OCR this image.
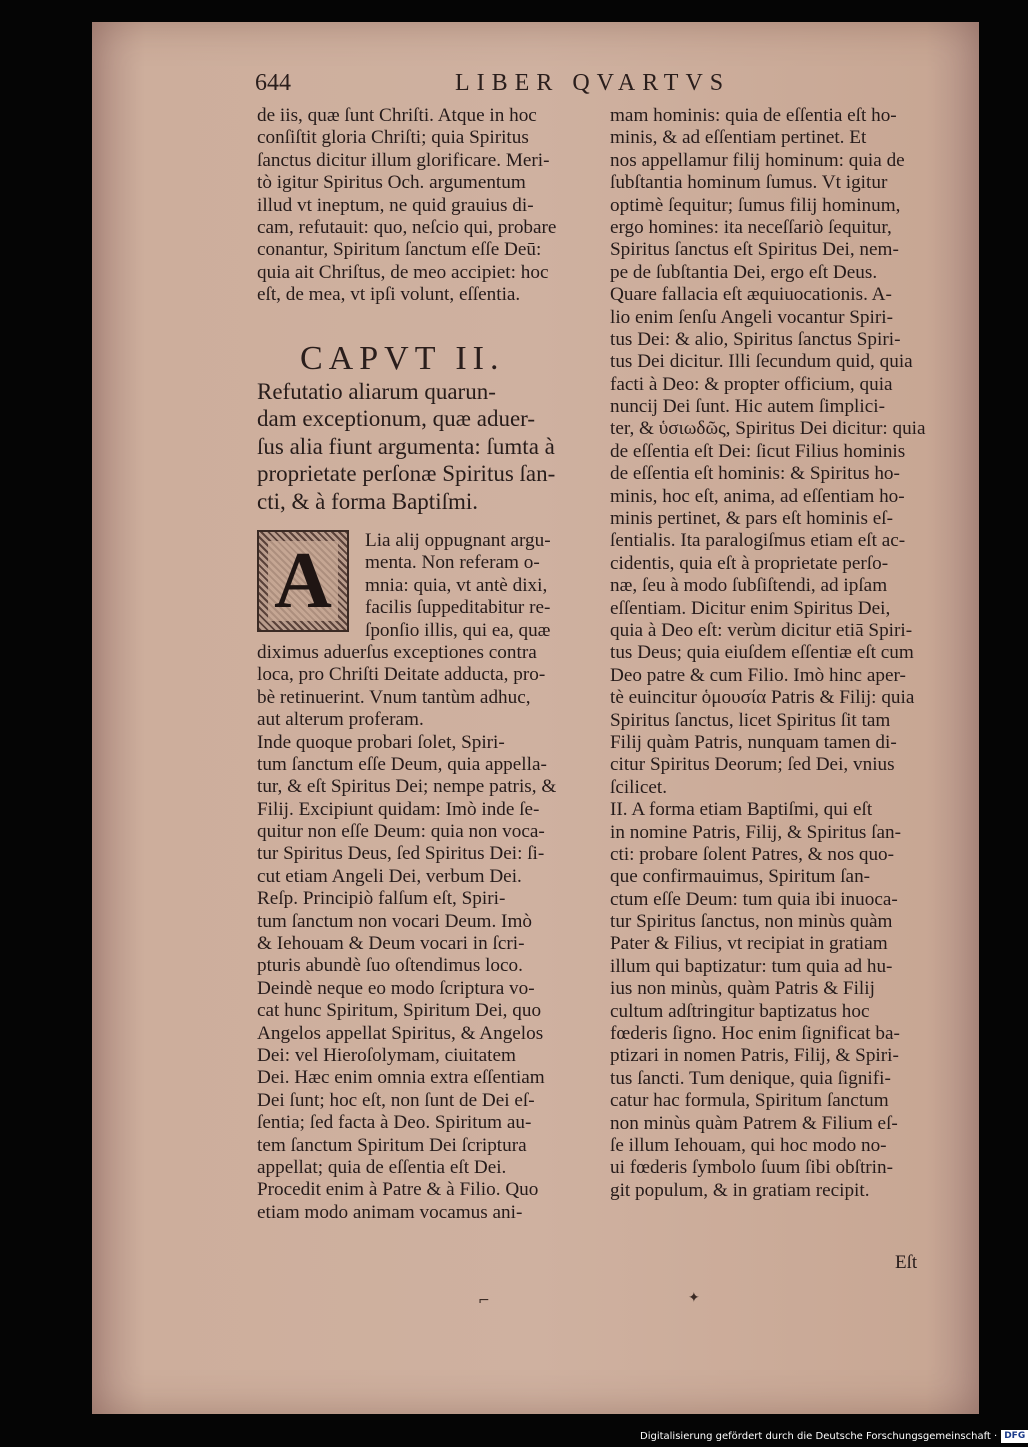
644	LIBER QVARTVS
de iis, quæ ſunt Chriſti. Atque in hoc
conſiſtit gloria Chriſti; quia Spiritus
ſanctus dicitur illum glorificare. Meri-
tò igitur Spiritus Och. argumentum
illud vt ineptum, ne quid grauius di-
cam, refutauit: quo, neſcio qui, probare
conantur, Spiritum ſanctum eſſe Deū:
quia ait Chriſtus, de meo accipiet: hoc
eſt, de mea, vt ipſi volunt, eſſentia.
CAPVT II.
Refutatio aliarum quarun-
dam exceptionum, quæ aduer-
ſus alia fiunt argumenta: ſumta à
proprietate perſonæ Spiritus ſan-
cti, & à forma Baptiſmi.
Lia alij oppugnant argu-
menta. Non referam o-
mnia: quia, vt antè dixi,
facilis ſuppeditabitur re-
ſponſio illis, qui ea, quæ
diximus aduerſus exceptiones contra
loca, pro Chriſti Deitate adducta, pro-
bè retinuerint. Vnum tantùm adhuc,
aut alterum proferam.
Inde quoque probari ſolet, Spiri-
tum ſanctum eſſe Deum, quia appella-
tur, & eſt Spiritus Dei; nempe patris, &
Filij. Excipiunt quidam: Imò inde ſe-
quitur non eſſe Deum: quia non voca-
tur Spiritus Deus, ſed Spiritus Dei: ſi-
cut etiam Angeli Dei, verbum Dei.
Reſp. Principiò falſum eſt, Spiri-
tum ſanctum non vocari Deum. Imò
& Iehouam & Deum vocari in ſcri-
pturis abundè ſuo oſtendimus loco.
Deindè neque eo modo ſcriptura vo-
cat hunc Spiritum, Spiritum Dei, quo
Angelos appellat Spiritus, & Angelos
Dei: vel Hieroſolymam, ciuitatem
Dei. Hæc enim omnia extra eſſentiam
Dei ſunt; hoc eſt, non ſunt de Dei eſ-
ſentia; ſed facta à Deo. Spiritum au-
tem ſanctum Spiritum Dei ſcriptura
appellat; quia de eſſentia eſt Dei.
Procedit enim à Patre & à Filio. Quo
etiam modo animam vocamus ani-
A
mam hominis: quia de eſſentia eſt ho-
minis, & ad eſſentiam pertinet. Et
nos appellamur filij hominum: quia de
ſubſtantia hominum ſumus. Vt igitur
optimè ſequitur; ſumus filij hominum,
ergo homines: ita neceſſariò ſequitur,
Spiritus ſanctus eſt Spiritus Dei, nem-
pe de ſubſtantia Dei, ergo eſt Deus.
Quare fallacia eſt æquiuocationis. A-
lio enim ſenſu Angeli vocantur Spiri-
tus Dei: & alio, Spiritus ſanctus Spiri-
tus Dei dicitur. Illi ſecundum quid, quia
facti à Deo: & propter officium, quia
nuncij Dei ſunt. Hic autem ſimplici-
ter, & ὑσιωδῶς, Spiritus Dei dicitur: quia
de eſſentia eſt Dei: ſicut Filius hominis
de eſſentia eſt hominis: & Spiritus ho-
minis, hoc eſt, anima, ad eſſentiam ho-
minis pertinet, & pars eſt hominis eſ-
ſentialis. Ita paralogiſmus etiam eſt ac-
cidentis, quia eſt à proprietate perſo-
næ, ſeu à modo ſubſiſtendi, ad ipſam
eſſentiam. Dicitur enim Spiritus Dei,
quia à Deo eſt: verùm dicitur etiā Spiri-
tus Deus; quia eiuſdem eſſentiæ eſt cum
Deo patre & cum Filio. Imò hinc aper-
tè euincitur ὁμουσία Patris & Filij: quia
Spiritus ſanctus, licet Spiritus ſit tam
Filij quàm Patris, nunquam tamen di-
citur Spiritus Deorum; ſed Dei, vnius
ſcilicet.
II. A forma etiam Baptiſmi, qui eſt
in nomine Patris, Filij, & Spiritus ſan-
cti: probare ſolent Patres, & nos quo-
que confirmauimus, Spiritum ſan-
ctum eſſe Deum: tum quia ibi inuoca-
tur Spiritus ſanctus, non minùs quàm
Pater & Filius, vt recipiat in gratiam
illum qui baptizatur: tum quia ad hu-
ius non minùs, quàm Patris & Filij
cultum adſtringitur baptizatus hoc
fœderis ſigno. Hoc enim ſignificat ba-
ptizari in nomen Patris, Filij, & Spiri-
tus ſancti. Tum denique, quia ſignifi-
catur hac formula, Spiritum ſanctum
non minùs quàm Patrem & Filium eſ-
ſe illum Iehouam, qui hoc modo no-
ui fœderis ſymbolo ſuum ſibi obſtrin-
git populum, & in gratiam recipit.
Eſt
⌐	✦
Digitalisierung gefördert durch die Deutsche Forschungsgemeinschaft · DFG
